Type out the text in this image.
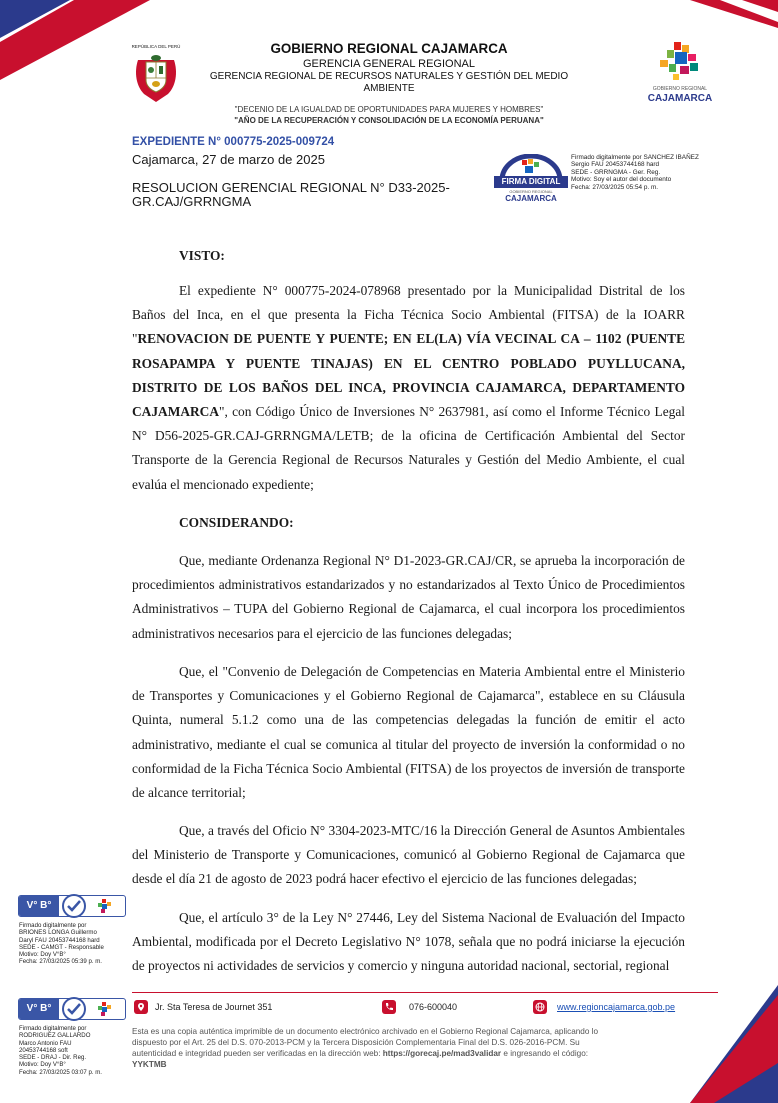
REPÚBLICA DEL PERÚ	GOBIERNO REGIONAL CAJAMARCA
GERENCIA GENERAL REGIONAL
GERENCIA REGIONAL DE RECURSOS NATURALES Y GESTIÓN DEL MEDIO
AMBIENTE
"DECENIO DE LA IGUALDAD DE OPORTUNIDADES PARA MUJERES Y HOMBRES"
"AÑO DE LA RECUPERACIÓN Y CONSOLIDACIÓN DE LA ECONOMÍA PERUANA"
GOBIERNO REGIONAL
CAJAMARCA
EXPEDIENTE N° 000775-2025-009724
Cajamarca, 27 de marzo de 2025
RESOLUCION GERENCIAL REGIONAL N° D33-2025-
GR.CAJ/GRRNGMA
FIRMA DIGITAL
GOBIERNO REGIONAL
CAJAMARCA
Firmado digitalmente por SANCHEZ IBAÑEZ
Sergio FAU 20453744168 hard
SEDE - GRRNGMA - Ger. Reg.
Motivo: Soy el autor del documento
Fecha: 27/03/2025 05:54 p. m.
VISTO:

El expediente N° 000775-2024-078968 presentado por la Municipalidad Distrital de los Baños del Inca, en el que presenta la Ficha Técnica Socio Ambiental (FITSA) de la IOARR "RENOVACION DE PUENTE Y PUENTE; EN EL(LA) VÍA VECINAL CA – 1102 (PUENTE ROSAPAMPA Y PUENTE TINAJAS) EN EL CENTRO POBLADO PUYLLUCANA, DISTRITO DE LOS BAÑOS DEL INCA, PROVINCIA CAJAMARCA, DEPARTAMENTO CAJAMARCA", con Código Único de Inversiones N° 2637981, así como el Informe Técnico Legal N° D56-2025-GR.CAJ-GRRNGMA/LETB; de la oficina de Certificación Ambiental del Sector Transporte de la Gerencia Regional de Recursos Naturales y Gestión del Medio Ambiente, el cual evalúa el mencionado expediente;

CONSIDERANDO:

Que, mediante Ordenanza Regional N° D1-2023-GR.CAJ/CR, se aprueba la incorporación de procedimientos administrativos estandarizados y no estandarizados al Texto Único de Procedimientos Administrativos – TUPA del Gobierno Regional de Cajamarca, el cual incorpora los procedimientos administrativos necesarios para el ejercicio de las funciones delegadas;

Que, el "Convenio de Delegación de Competencias en Materia Ambiental entre el Ministerio de Transportes y Comunicaciones y el Gobierno Regional de Cajamarca", establece en su Cláusula Quinta, numeral 5.1.2 como una de las competencias delegadas la función de emitir el acto administrativo, mediante el cual se comunica al titular del proyecto de inversión la conformidad o no conformidad de la Ficha Técnica Socio Ambiental (FITSA) de los proyectos de inversión de transporte de alcance territorial;

Que, a través del Oficio N° 3304-2023-MTC/16 la Dirección General de Asuntos Ambientales del Ministerio de Transporte y Comunicaciones, comunicó al Gobierno Regional de Cajamarca que desde el día 21 de agosto de 2023 podrá hacer efectivo el ejercicio de las funciones delegadas;

Que, el artículo 3° de la Ley N° 27446, Ley del Sistema Nacional de Evaluación del Impacto Ambiental, modificada por el Decreto Legislativo N° 1078, señala que no podrá iniciarse la ejecución de proyectos ni actividades de servicios y comercio y ninguna autoridad nacional, sectorial, regional

V° B°
Firmado digitalmente por
BRIONES LONGA Guillermo
Daryl FAU 20453744168 hard
SEDE - CAMGT - Responsable
Motivo: Doy V°B°
Fecha: 27/03/2025 05:39 p. m.
V° B°
Firmado digitalmente por
RODRIGUEZ GALLARDO
Marco Antonio FAU
20453744168 soft
SEDE - DRAJ - Dir. Reg.
Motivo: Doy V°B°
Fecha: 27/03/2025 03:07 p. m.
Jr. Sta Teresa de Journet 351	076-600040	www.regioncajamarca.gob.pe
Esta es una copia auténtica imprimible de un documento electrónico archivado en el Gobierno Regional Cajamarca, aplicando lo
dispuesto por el Art. 25 del D.S. 070-2013-PCM y la Tercera Disposición Complementaria Final del D.S. 026-2016-PCM. Su
autenticidad e integridad pueden ser verificadas en la dirección web: https://gorecaj.pe/mad3validar e ingresando el código:
YYKTMB
Pág. 1 / 6
